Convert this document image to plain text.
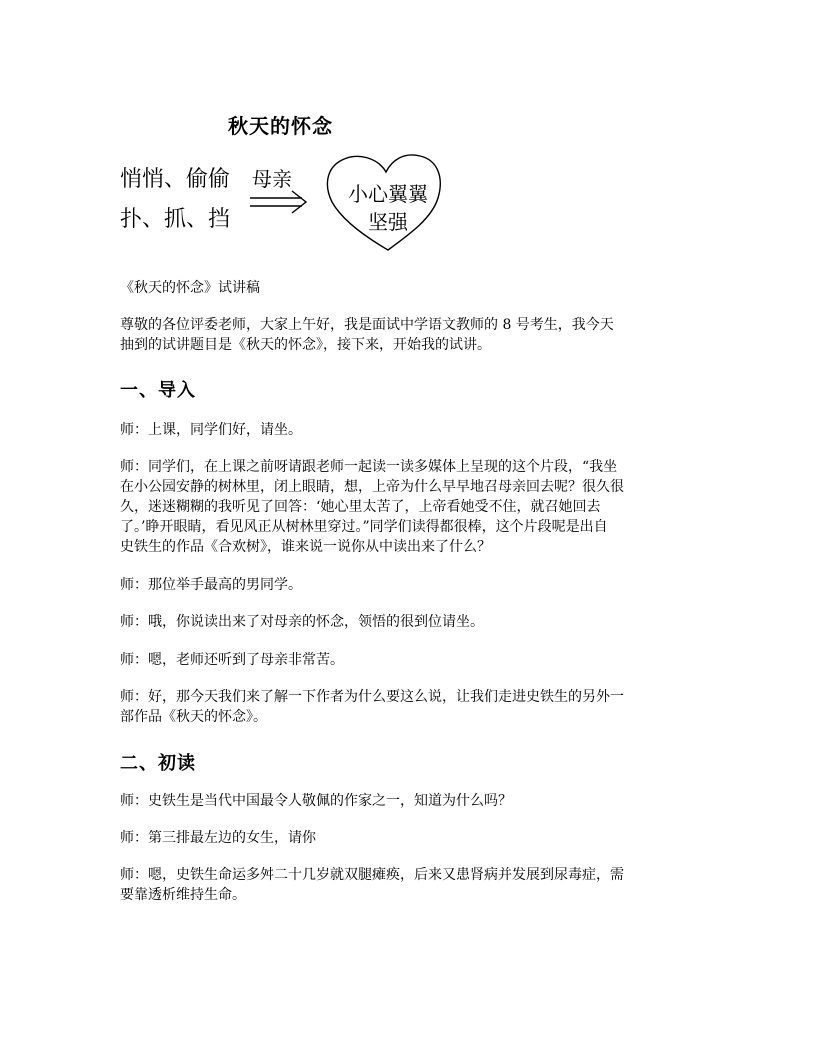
秋天的怀念
悄悄、偷偷
扑、抓、挡
母亲
小心翼翼
坚强
《秋天的怀念》试讲稿
尊敬的各位评委老师，大家上午好，我是面试中学语文教师的 8 号考生，我今天
抽到的试讲题目是《秋天的怀念》，接下来，开始我的试讲。
一、导入
师：上课，同学们好，请坐。
师：同学们，在上课之前呀请跟老师一起读一读多媒体上呈现的这个片段，“我坐
在小公园安静的树林里，闭上眼睛，想，上帝为什么早早地召母亲回去呢？很久很
久，迷迷糊糊的我听见了回答：‘她心里太苦了，上帝看她受不住，就召她回去
了。’睁开眼睛，看见风正从树林里穿过。”同学们读得都很棒，这个片段呢是出自
史铁生的作品《合欢树》，谁来说一说你从中读出来了什么？
师：那位举手最高的男同学。
师：哦，你说读出来了对母亲的怀念，领悟的很到位请坐。
师：嗯，老师还听到了母亲非常苦。
师：好，那今天我们来了解一下作者为什么要这么说，让我们走进史铁生的另外一
部作品《秋天的怀念》。
二、初读
师：史铁生是当代中国最令人敬佩的作家之一，知道为什么吗？
师：第三排最左边的女生，请你
师：嗯，史铁生命运多舛二十几岁就双腿瘫痪，后来又患肾病并发展到尿毒症，需
要靠透析维持生命。
